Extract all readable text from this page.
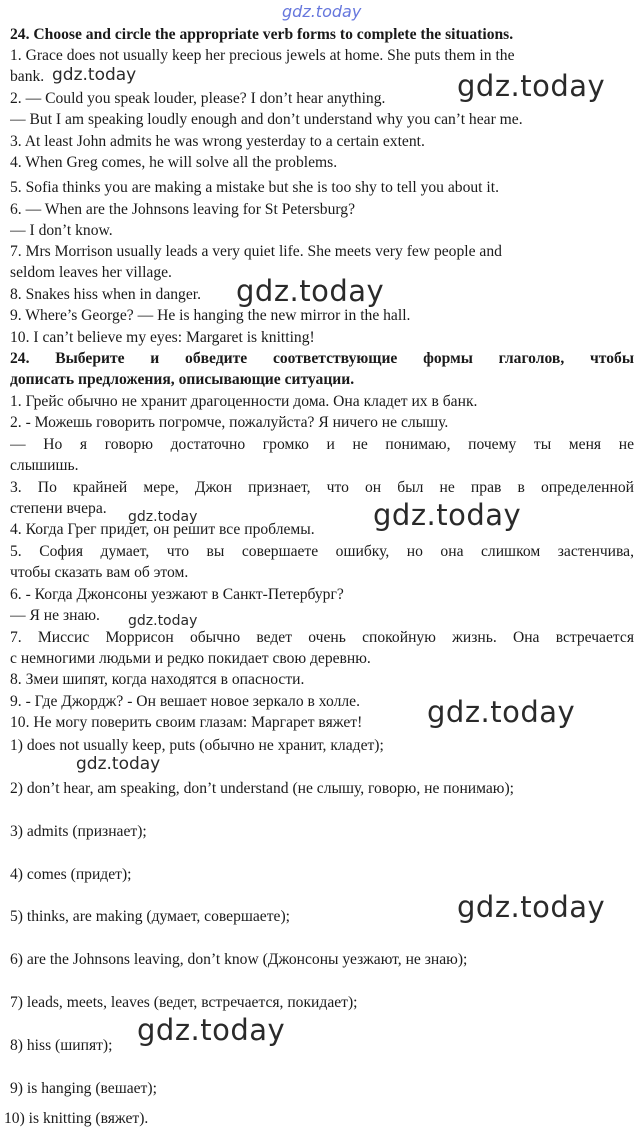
gdz.today
gdz.today	gdz.today
gdz.today
gdz.today	gdz.today
gdz.today
gdz.today
gdz.today
gdz.today
gdz.today
24. Choose and circle the appropriate verb forms to complete the situations.
1. Grace does not usually keep her precious jewels at home. She puts them in the
bank.
2. — Could you speak louder, please? I don’t hear anything.
— But I am speaking loudly enough and don’t understand why you can’t hear me.
3. At least John admits he was wrong yesterday to a certain extent.
4. When Greg comes, he will solve all the problems.
5. Sofia thinks you are making a mistake but she is too shy to tell you about it.
6. — When are the Johnsons leaving for St Petersburg?
— I don’t know.
7. Mrs Morrison usually leads a very quiet life. She meets very few people and
seldom leaves her village.
8. Snakes hiss when in danger.
9. Where’s George? — He is hanging the new mirror in the hall.
10. I can’t believe my eyes: Margaret is knitting!
24. Выберите и обведите соответствующие формы глаголов, чтобы
дописать предложения, описывающие ситуации.
1. Грейс обычно не хранит драгоценности дома. Она кладет их в банк.
2. - Можешь говорить погромче, пожалуйста? Я ничего не слышу.
— Но я говорю достаточно громко и не понимаю, почему ты меня не
слышишь.
3. По крайней мере, Джон признает, что он был не прав в определенной
степени вчера.
4. Когда Грег придет, он решит все проблемы.
5. София думает, что вы совершаете ошибку, но она слишком застенчива,
чтобы сказать вам об этом.
6. - Когда Джонсоны уезжают в Санкт-Петербург?
— Я не знаю.
7. Миссис Моррисон обычно ведет очень спокойную жизнь. Она встречается
с немногими людьми и редко покидает свою деревню.
8. Змеи шипят, когда находятся в опасности.
9. - Где Джордж? - Он вешает новое зеркало в холле.
10. Не могу поверить своим глазам: Маргарет вяжет!
1) does not usually keep, puts (обычно не хранит, кладет);
2) don’t hear, am speaking, don’t understand (не слышу, говорю, не понимаю);
3) admits (признает);
4) comes (придет);
5) thinks, are making (думает, совершаете);
6) are the Johnsons leaving, don’t know (Джонсоны уезжают, не знаю);
7) leads, meets, leaves (ведет, встречается, покидает);
8) hiss (шипят);
9) is hanging (вешает);
10) is knitting (вяжет).
